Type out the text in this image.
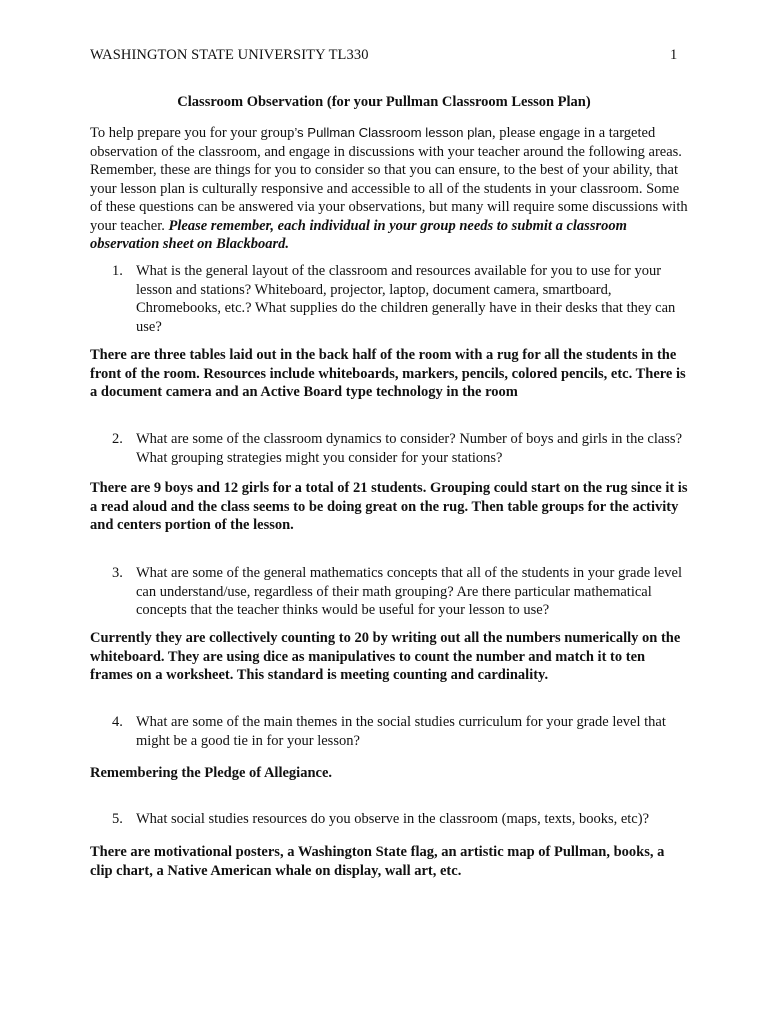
WASHINGTON STATE UNIVERSITY TL330	1
Classroom Observation (for your Pullman Classroom Lesson Plan)
To help prepare you for your group’s Pullman Classroom lesson plan, please engage in a targeted observation of the classroom, and engage in discussions with your teacher around the following areas. Remember, these are things for you to consider so that you can ensure, to the best of your ability, that your lesson plan is culturally responsive and accessible to all of the students in your classroom. Some of these questions can be answered via your observations, but many will require some discussions with your teacher. Please remember, each individual in your group needs to submit a classroom observation sheet on Blackboard.
1. What is the general layout of the classroom and resources available for you to use for your lesson and stations? Whiteboard, projector, laptop, document camera, smartboard, Chromebooks, etc.? What supplies do the children generally have in their desks that they can use?
There are three tables laid out in the back half of the room with a rug for all the students in the front of the room. Resources include whiteboards, markers, pencils, colored pencils, etc. There is a document camera and an Active Board type technology in the room
2. What are some of the classroom dynamics to consider? Number of boys and girls in the class? What grouping strategies might you consider for your stations?
There are 9 boys and 12 girls for a total of 21 students. Grouping could start on the rug since it is a read aloud and the class seems to be doing great on the rug. Then table groups for the activity and centers portion of the lesson.
3. What are some of the general mathematics concepts that all of the students in your grade level can understand/use, regardless of their math grouping? Are there particular mathematical concepts that the teacher thinks would be useful for your lesson to use?
Currently they are collectively counting to 20 by writing out all the numbers numerically on the whiteboard. They are using dice as manipulatives to count the number and match it to ten frames on a worksheet. This standard is meeting counting and cardinality.
4. What are some of the main themes in the social studies curriculum for your grade level that might be a good tie in for your lesson?
Remembering the Pledge of Allegiance.
5. What social studies resources do you observe in the classroom (maps, texts, books, etc)?
There are motivational posters, a Washington State flag, an artistic map of Pullman, books, a clip chart, a Native American whale on display, wall art, etc.
